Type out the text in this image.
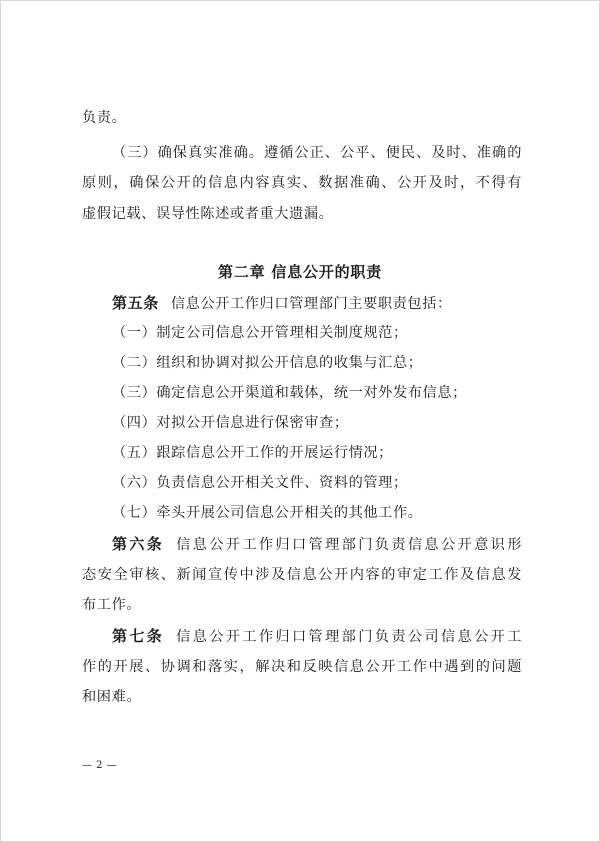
负责。
（三）确保真实准确。遵循公正、公平、便民、及时、准确的
原则，确保公开的信息内容真实、数据准确、公开及时，不得有
虚假记载、误导性陈述或者重大遗漏。
第二章 信息公开的职责
第五条 信息公开工作归口管理部门主要职责包括：
（一）制定公司信息公开管理相关制度规范；
（二）组织和协调对拟公开信息的收集与汇总；
（三）确定信息公开渠道和载体，统一对外发布信息；
（四）对拟公开信息进行保密审查；
（五）跟踪信息公开工作的开展运行情况；
（六）负责信息公开相关文件、资料的管理；
（七）牵头开展公司信息公开相关的其他工作。
第六条 信息公开工作归口管理部门负责信息公开意识形
态安全审核、新闻宣传中涉及信息公开内容的审定工作及信息发
布工作。
第七条 信息公开工作归口管理部门负责公司信息公开工
作的开展、协调和落实，解决和反映信息公开工作中遇到的问题
和困难。
— 2 —
